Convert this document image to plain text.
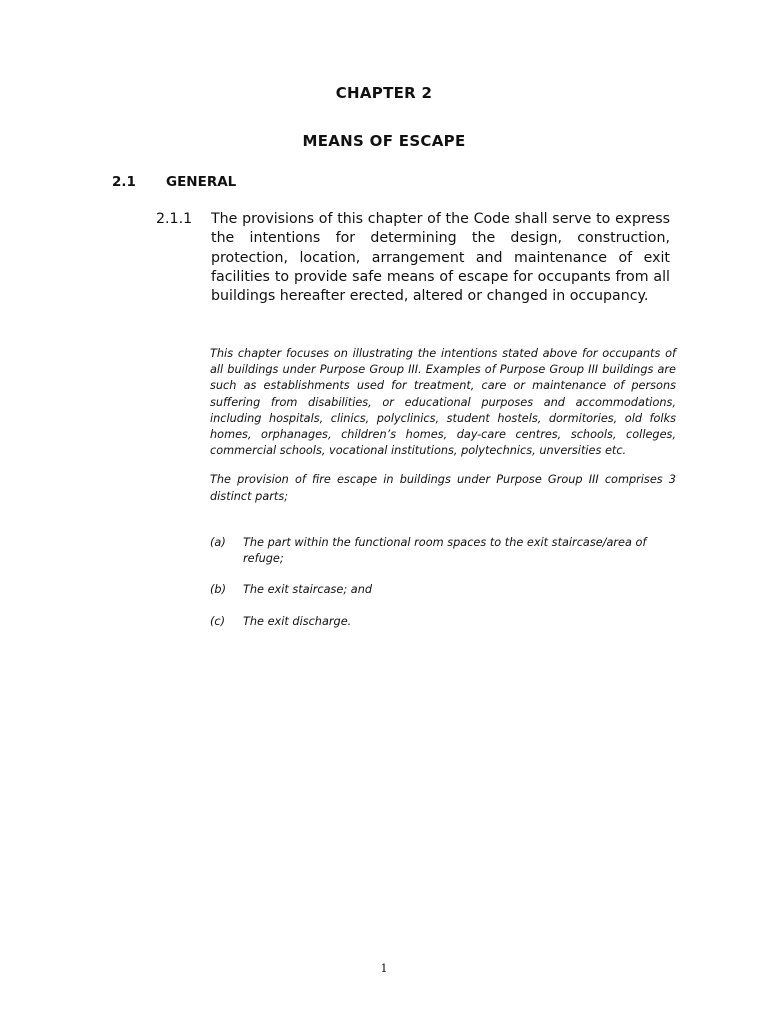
CHAPTER 2
MEANS OF ESCAPE
2.1	GENERAL
2.1.1	The provisions of this chapter of the Code shall serve to express the intentions for determining the design, construction, protection, location, arrangement and maintenance of exit facilities to provide safe means of escape for occupants from all buildings hereafter erected, altered or changed in occupancy.

This chapter focuses on illustrating the intentions stated above for occupants of all buildings under Purpose Group III. Examples of Purpose Group III buildings are such as establishments used for treatment, care or maintenance of persons suffering from disabilities, or educational purposes and accommodations, including hospitals, clinics, polyclinics, student hostels, dormitories, old folks homes, orphanages, children’s homes, day-care centres, schools, colleges, commercial schools, vocational institutions, polytechnics, unversities etc.

The provision of fire escape in buildings under Purpose Group III comprises 3 distinct parts;

(a)	The part within the functional room spaces to the exit staircase/area of refuge;
(b)	The exit staircase; and
(c)	The exit discharge.
1
